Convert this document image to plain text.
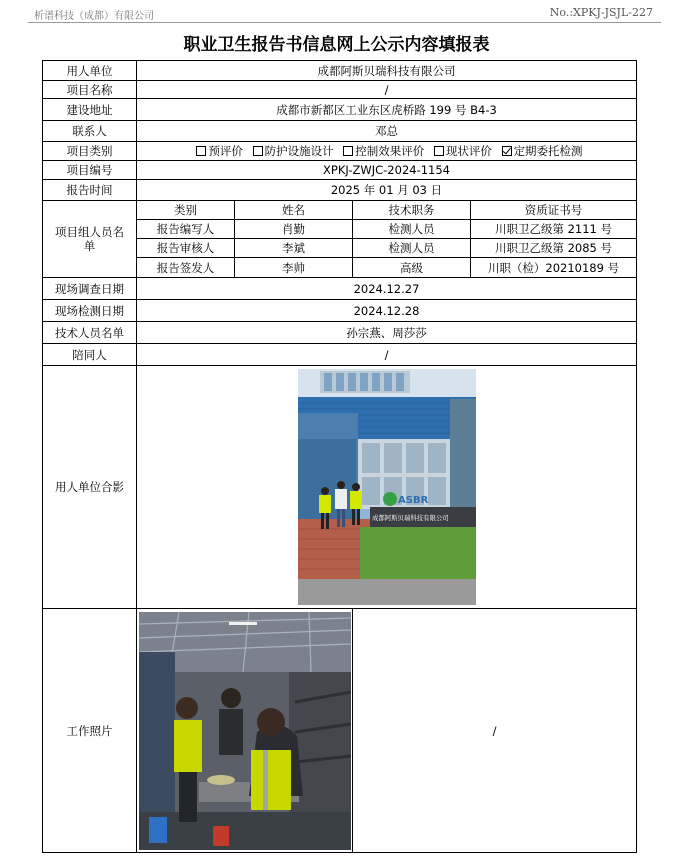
析谱科技（成都）有限公司	No.:XPKJ-JSJL-227
职业卫生报告书信息网上公示内容填报表
用人单位	成都阿斯贝瑞科技有限公司			
项目名称	/			
建设地址	成都市新都区工业东区虎桥路 199 号 B4-3			
联系人	邓总			
项目类别	预评价 防护设施设计 控制效果评价 现状评价 定期委托检测			
项目编号	XPKJ-ZWJC-2024-1154			
报告时间	2025 年 01 月 03 日			
项目组人员名单	类别	姓名	技术职务	资质证书号
	报告编写人	肖勤	检测人员	川职卫乙级第 2111 号
	报告审核人	李斌	检测人员	川职卫乙级第 2085 号
	报告签发人	李帅	高级	川职（检）20210189 号
现场调查日期	2024.12.27			
现场检测日期	2024.12.28			
技术人员名单	孙宗燕、周莎莎			
陪同人	/			
用人单位合影	ASBR
成都阿斯贝瑞科技有限公司			

工作照片			/	
